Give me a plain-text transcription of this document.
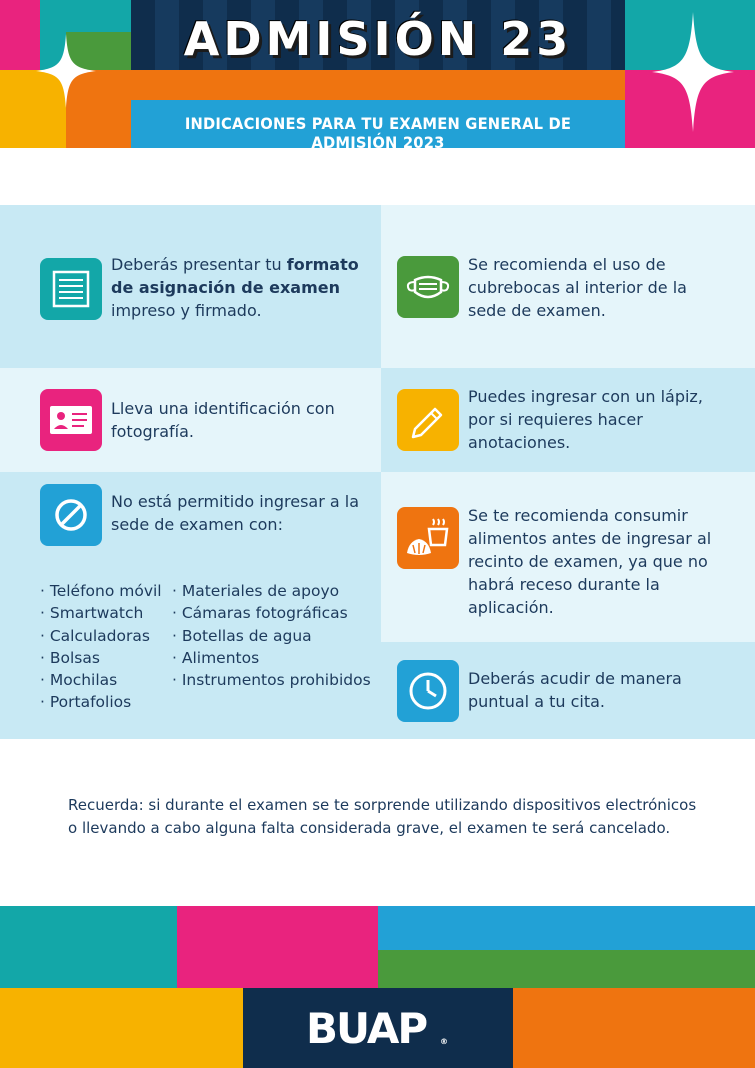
ADMISIÓN 23
INDICACIONES PARA TU EXAMEN GENERAL DE ADMISIÓN 2023
Deberás presentar tu formato de asignación de examen impreso y firmado.
Se recomienda el uso de cubrebocas al interior de la sede de examen.
Lleva una identificación con fotografía.
Puedes ingresar con un lápiz, por si requieres hacer anotaciones.
No está permitido ingresar a la sede de examen con:
· Teléfono móvil
· Smartwatch
· Calculadoras
· Bolsas
· Mochilas
· Portafolios
· Materiales de apoyo
· Cámaras fotográficas
· Botellas de agua
· Alimentos
· Instrumentos prohibidos
Se te recomienda consumir alimentos antes de ingresar al recinto de examen, ya que no habrá receso durante la aplicación.
Deberás acudir de manera puntual a tu cita.
Recuerda: si durante el examen se te sorprende utilizando dispositivos electrónicos o llevando a cabo alguna falta considerada grave, el examen te será cancelado.
BUAP ®
